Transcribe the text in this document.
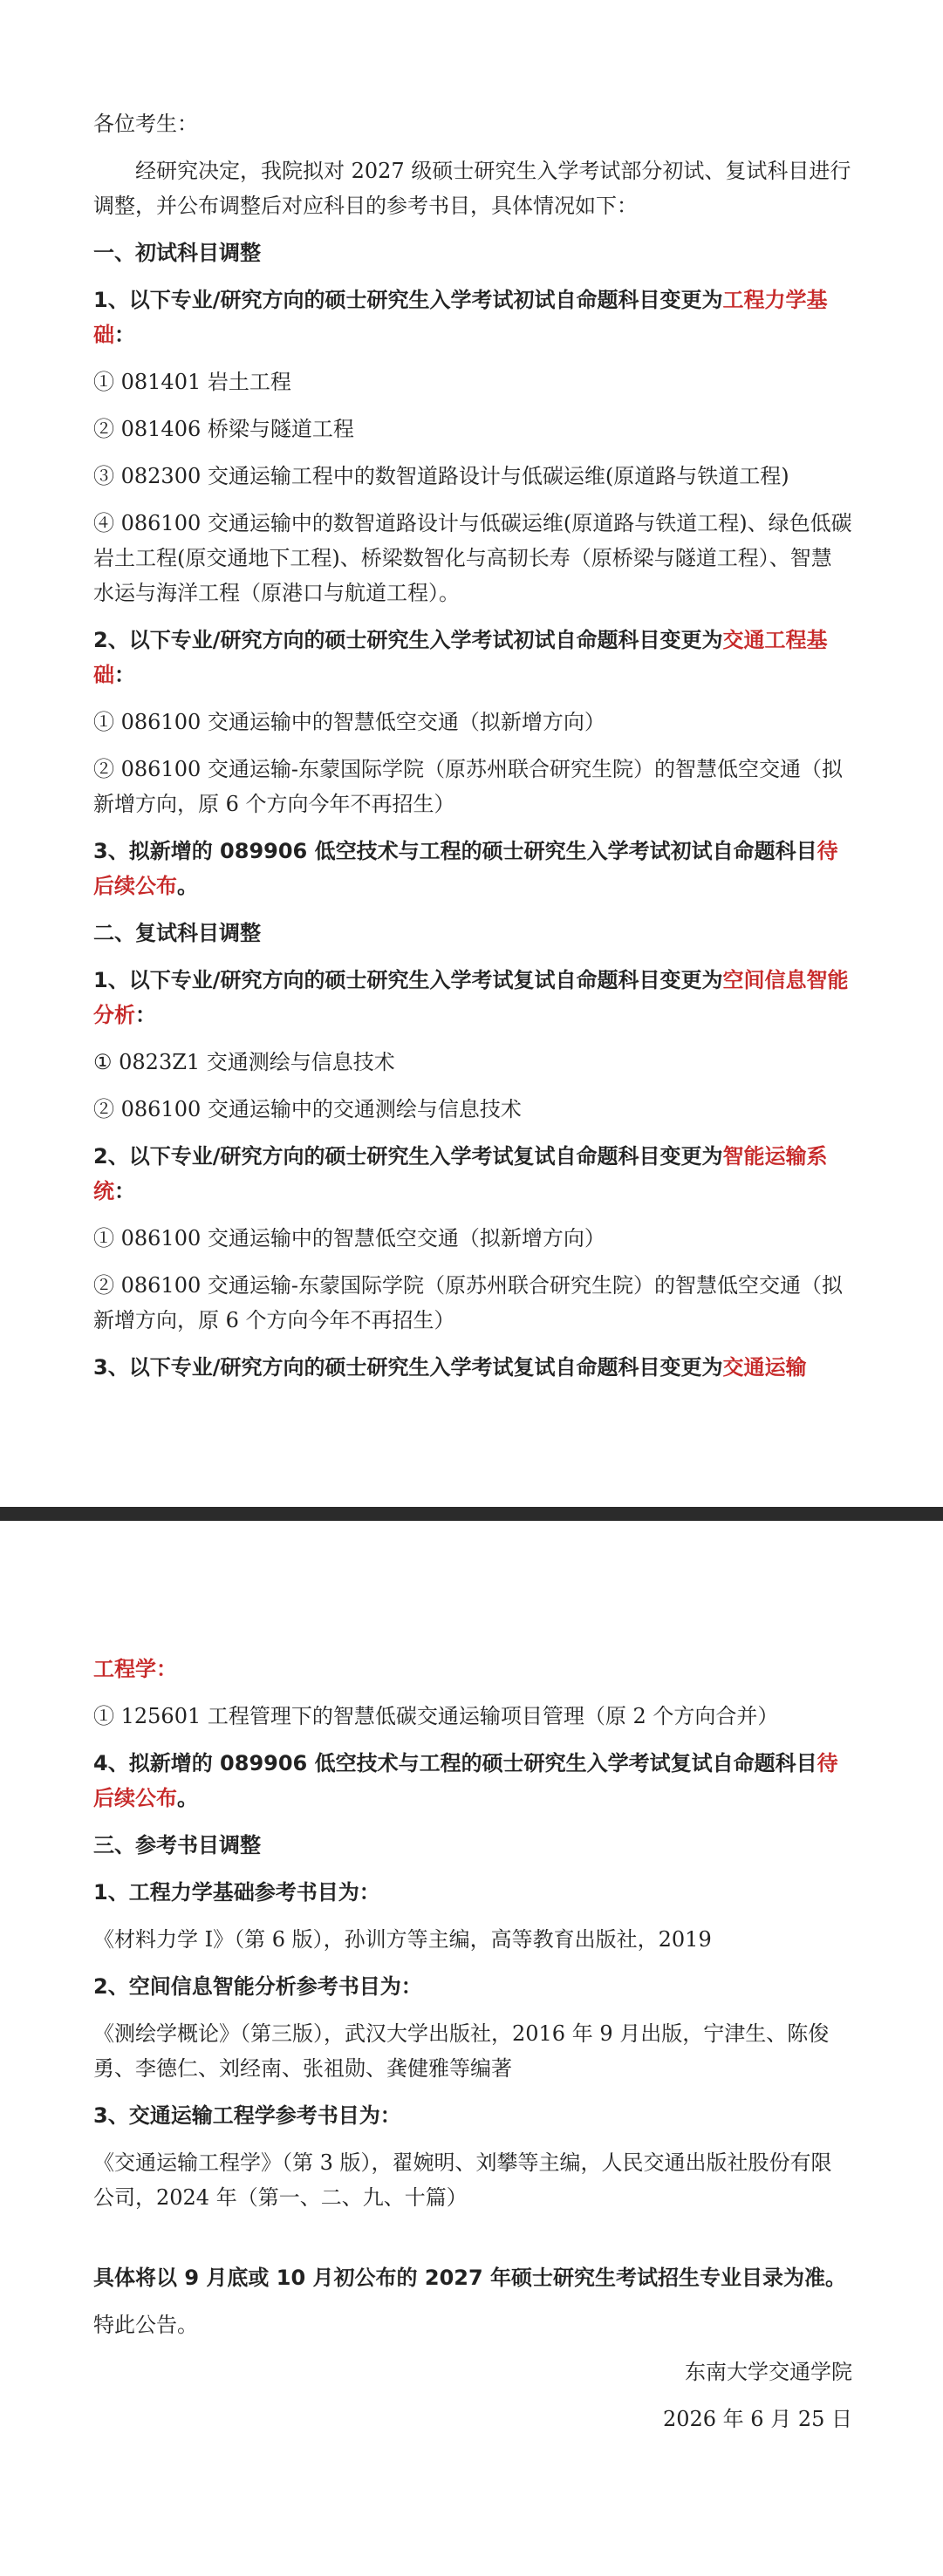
各位考生：

经研究决定，我院拟对 2027 级硕士研究生入学考试部分初试、复试科目进行调整，并公布调整后对应科目的参考书目，具体情况如下：

一、初试科目调整

1、以下专业/研究方向的硕士研究生入学考试初试自命题科目变更为工程力学基础：

① 081401 岩土工程

② 081406 桥梁与隧道工程

③ 082300 交通运输工程中的数智道路设计与低碳运维(原道路与铁道工程)

④ 086100 交通运输中的数智道路设计与低碳运维(原道路与铁道工程)、绿色低碳岩土工程(原交通地下工程)、桥梁数智化与高韧长寿（原桥梁与隧道工程）、智慧水运与海洋工程（原港口与航道工程）。

2、以下专业/研究方向的硕士研究生入学考试初试自命题科目变更为交通工程基础：

① 086100 交通运输中的智慧低空交通（拟新增方向）

② 086100 交通运输-东蒙国际学院（原苏州联合研究生院）的智慧低空交通（拟新增方向，原 6 个方向今年不再招生）

3、拟新增的 089906 低空技术与工程的硕士研究生入学考试初试自命题科目待后续公布。

二、复试科目调整

1、以下专业/研究方向的硕士研究生入学考试复试自命题科目变更为空间信息智能分析：

① 0823Z1 交通测绘与信息技术

② 086100 交通运输中的交通测绘与信息技术

2、以下专业/研究方向的硕士研究生入学考试复试自命题科目变更为智能运输系统：

① 086100 交通运输中的智慧低空交通（拟新增方向）

② 086100 交通运输-东蒙国际学院（原苏州联合研究生院）的智慧低空交通（拟新增方向，原 6 个方向今年不再招生）

3、以下专业/研究方向的硕士研究生入学考试复试自命题科目变更为交通运输

工程学：

① 125601 工程管理下的智慧低碳交通运输项目管理（原 2 个方向合并）

4、拟新增的 089906 低空技术与工程的硕士研究生入学考试复试自命题科目待后续公布。

三、参考书目调整

1、工程力学基础参考书目为：

《材料力学 I》（第 6 版），孙训方等主编，高等教育出版社，2019

2、空间信息智能分析参考书目为：

《测绘学概论》（第三版），武汉大学出版社，2016 年 9 月出版，宁津生、陈俊勇、李德仁、刘经南、张祖勋、龚健雅等编著

3、交通运输工程学参考书目为：

《交通运输工程学》（第 3 版），翟婉明、刘攀等主编，人民交通出版社股份有限公司，2024 年（第一、二、九、十篇）

具体将以 9 月底或 10 月初公布的 2027 年硕士研究生考试招生专业目录为准。

特此公告。

东南大学交通学院

2026 年 6 月 25 日
